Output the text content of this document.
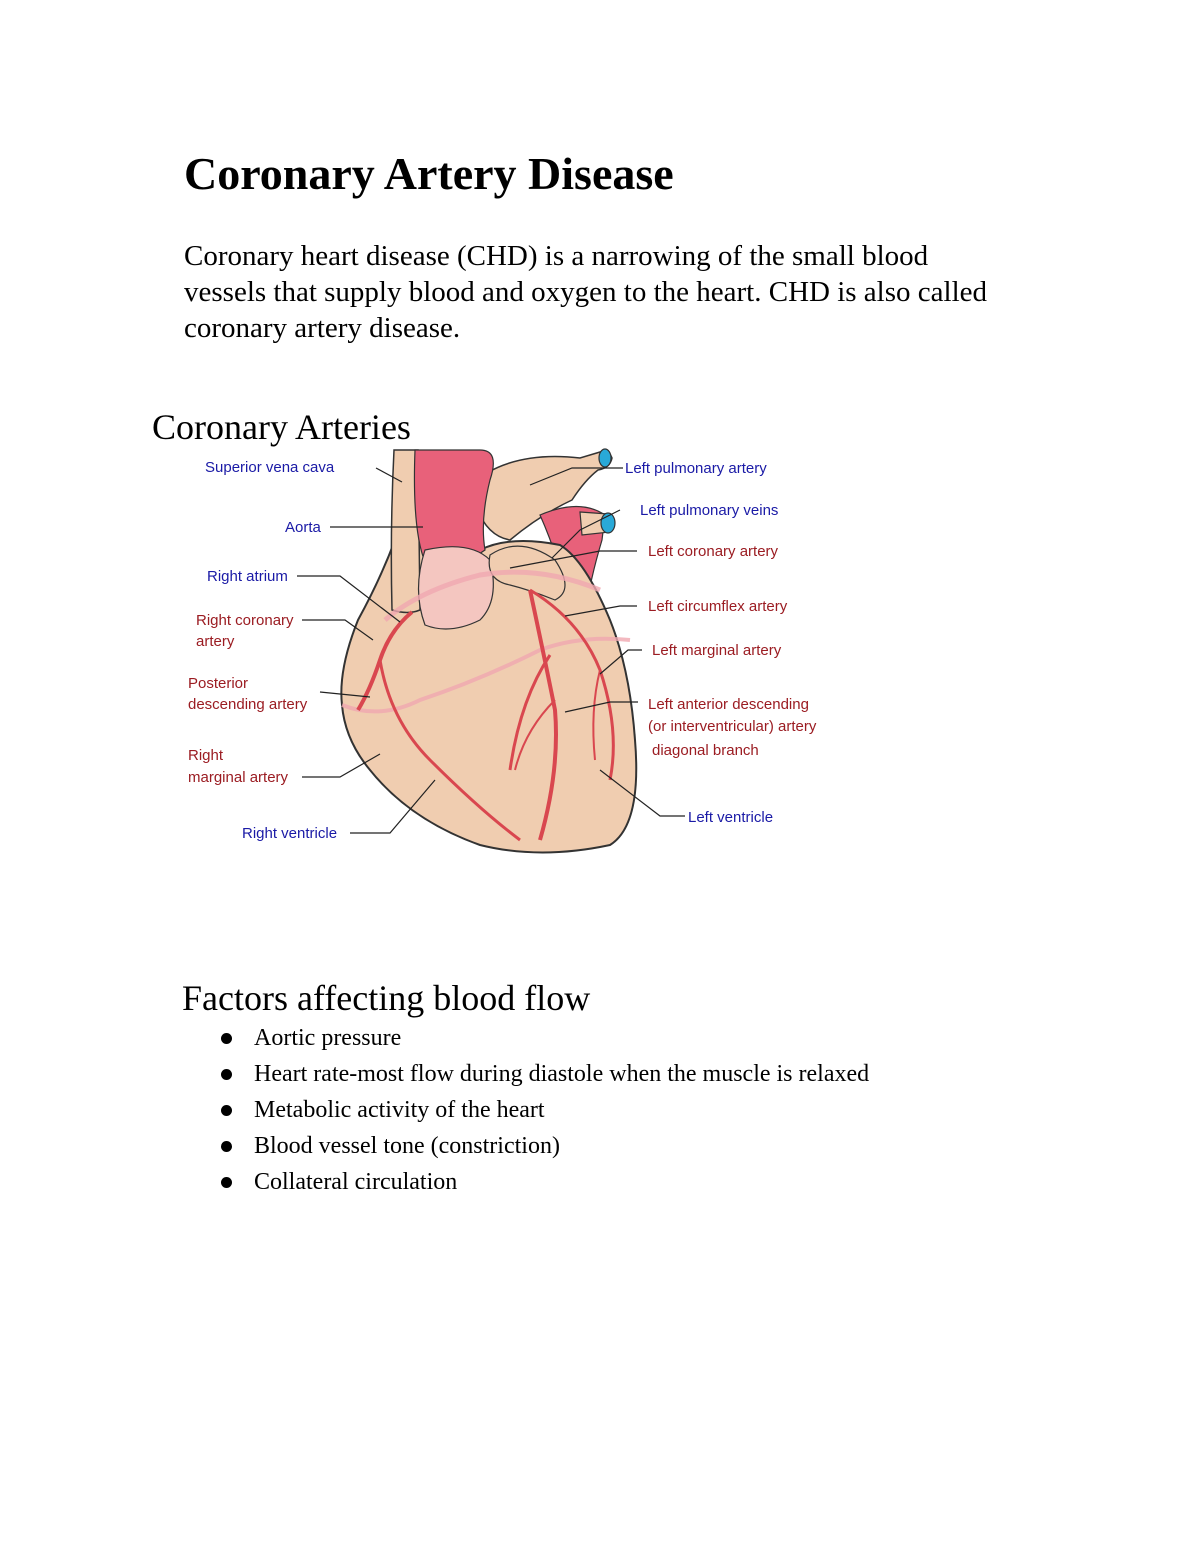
Coronary Artery Disease

Coronary heart disease (CHD) is a narrowing of the small blood
vessels that supply blood and oxygen to the heart. CHD is also called
coronary artery disease.

Coronary Arteries
Superior vena cava
Aorta
Right atrium
Right coronary
artery
Posterior
descending artery
Right
marginal artery
Right ventricle
Left pulmonary artery
Left pulmonary veins
Left coronary artery
Left circumflex artery
Left marginal artery
Left anterior descending
(or interventricular) artery
diagonal branch
Left ventricle
Factors affecting blood flow
Aortic pressure
Heart rate-most flow during diastole when the muscle is relaxed
Metabolic activity of the heart
Blood vessel tone (constriction)
Collateral circulation
